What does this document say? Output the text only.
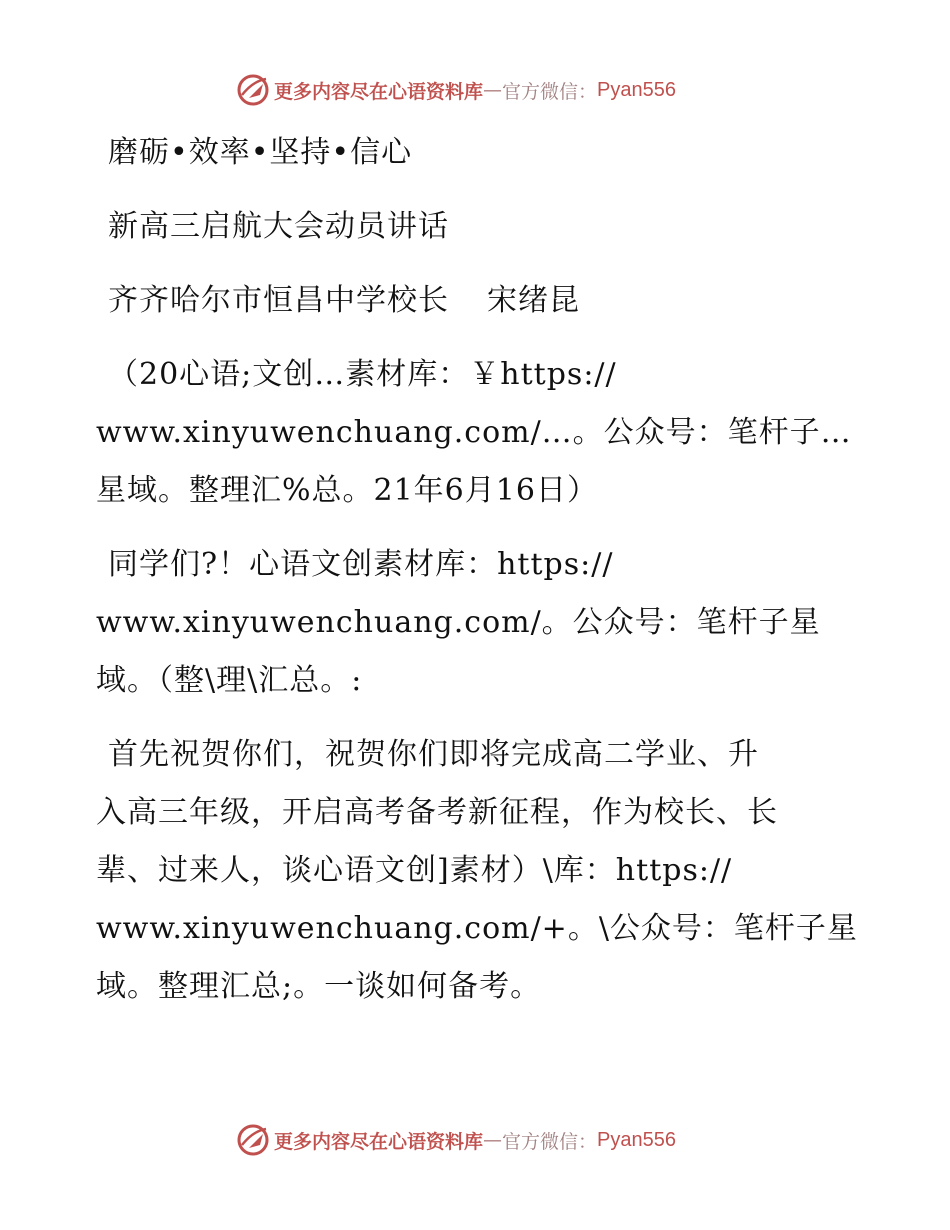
更多内容尽在心语资料库 — 官方微信： Pyan556
磨砺•效率•坚持•信心
新高三启航大会动员讲话
齐齐哈尔市恒昌中学校长 宋绪昆
（20心语;文创…素材库：￥https://
www.xinyuwenchuang.com/…。公众号：笔杆子…
星域。整理汇%总。21年6月16日）
同学们?！心语文创素材库：https://
www.xinyuwenchuang.com/。公众号：笔杆子星
域。（整\理\汇总。:
首先祝贺你们，祝贺你们即将完成高二学业、升
入高三年级，开启高考备考新征程，作为校长、长
辈、过来人，谈心语文创]素材）\库：https://
www.xinyuwenchuang.com/+。\公众号：笔杆子星
域。整理汇总;。一谈如何备考。
更多内容尽在心语资料库 — 官方微信： Pyan556
